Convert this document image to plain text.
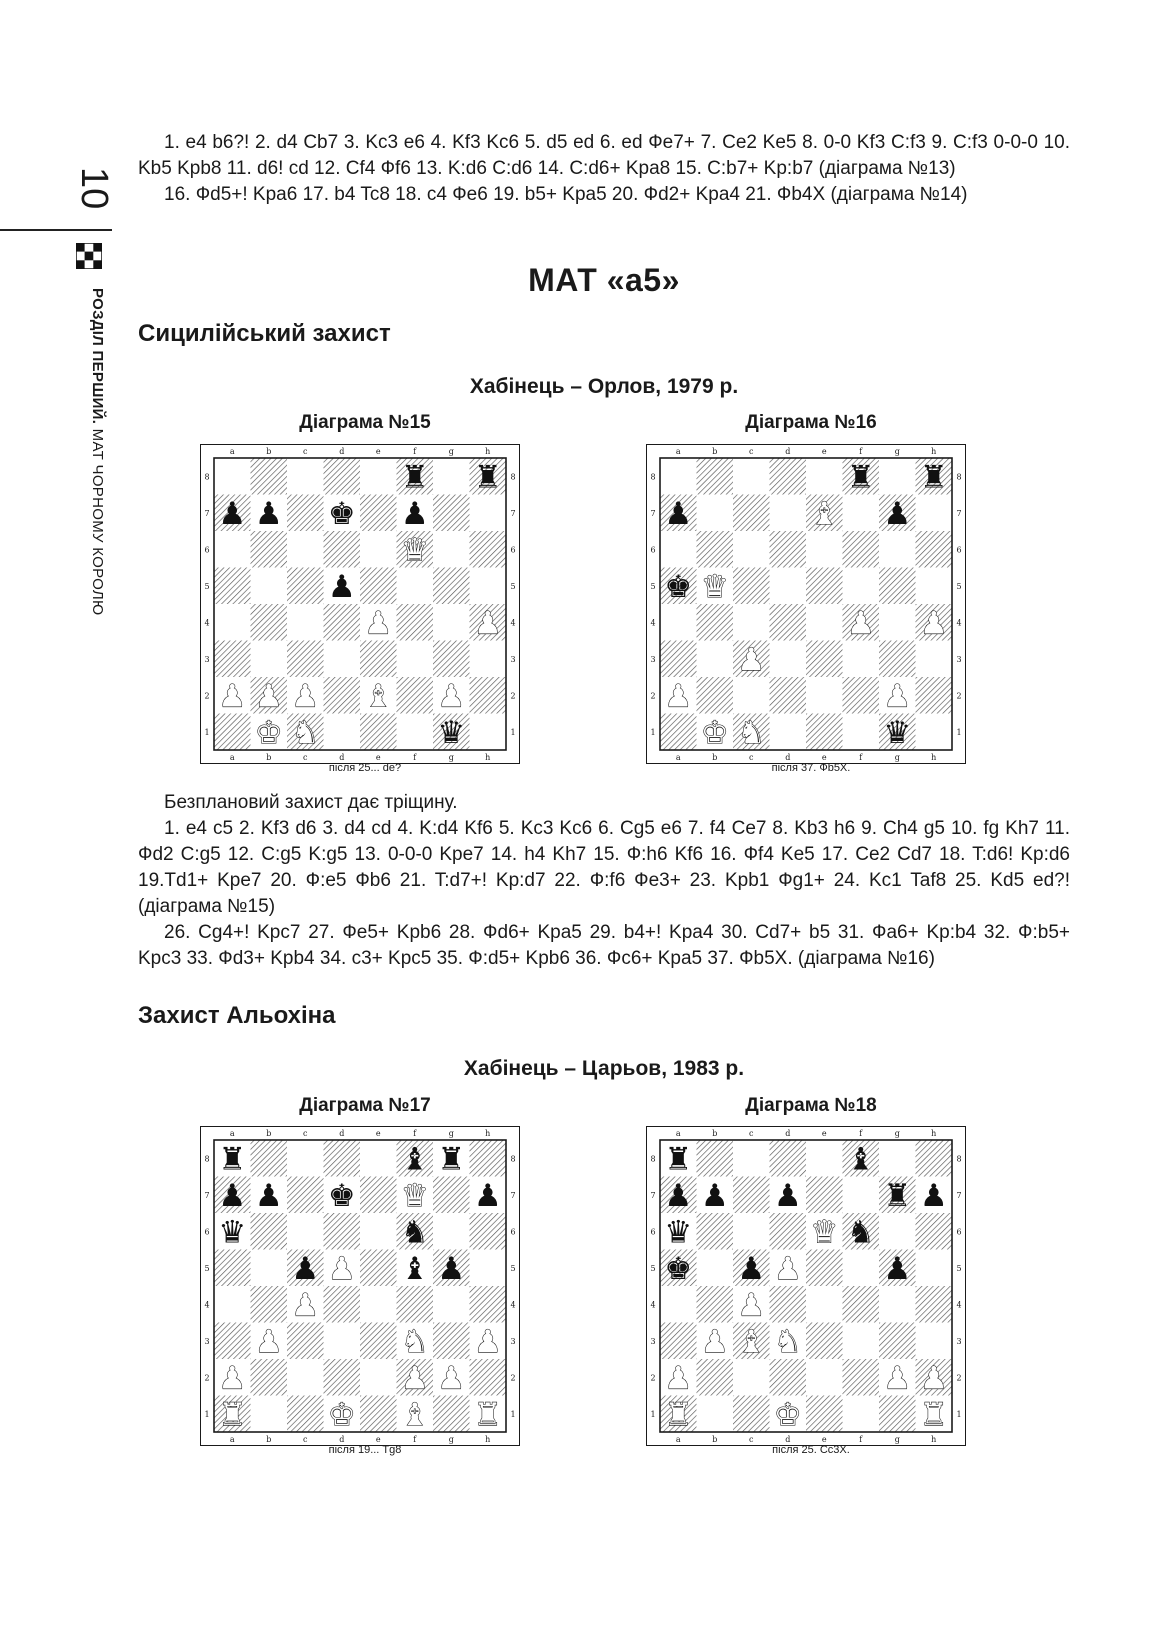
10
РОЗДІЛ ПЕРШИЙ. МАТ ЧОРНОМУ КОРОЛЮ

1. е4 b6?! 2. d4 Cb7 3. Kc3 e6 4. Kf3 Kc6 5. d5 ed 6. ed Фe7+ 7. Ce2 Ke5 8. 0-0 Kf3 C:f3 9. C:f3 0-0-0 10. Kb5 Kpb8 11. d6! cd 12. Cf4 Фf6 13. K:d6 C:d6 14. C:d6+ Kpa8 15. C:b7+ Kp:b7 (діаграма №13)

16. Фd5+! Kpa6 17. b4 Tc8 18. c4 Фe6 19. b5+ Kpa5 20. Фd2+ Kpa4 21. Фb4X (діаграма №14)

МАТ «а5»
Сицилійський захист
Хабінець – Орлов, 1979 р.
Діаграма №15	Діаграма №16
a
a
b
b
c
c
d
d
e
e
f
f
g
g
h
h
8	8
7	7
6	6
5	5
4	4
3	3
2	2
1	1
♜ ♜
♟ ♟ ♚ ♟
♛
♟
♟	♟
♟ ♟ ♟ ♝ ♟
♚ ♞	♛
a
a
b
b
c
c
d
d
e
e
f
f
g
g
h
h
8	8
7	7
6	6
5	5
4	4
3	3
2	2
1	1
♜ ♜
♟	♝ ♟
♚ ♛
♟ ♟
♟
♟	♟
♚ ♞	♛
після 25... de?	після 37. Фb5X.

Безплановий захист дає тріщину.

1. e4 c5 2. Kf3 d6 3. d4 cd 4. K:d4 Kf6 5. Kc3 Kc6 6. Cg5 e6 7. f4 Ce7 8. Kb3 h6 9. Ch4 g5 10. fg Kh7 11. Фd2 C:g5 12. C:g5 K:g5 13. 0-0-0 Kpe7 14. h4 Kh7 15. Ф:h6 Kf6 16. Фf4 Ke5 17. Ce2 Cd7 18. T:d6! Kp:d6 19.Td1+ Kpe7 20. Ф:e5 Фb6 21. T:d7+! Kp:d7 22. Ф:f6 Фe3+ 23. Kpb1 Фg1+ 24. Kc1 Taf8 25. Kd5 ed?! (діаграма №15)

26. Cg4+! Kpc7 27. Фe5+ Kpb6 28. Фd6+ Kpa5 29. b4+! Kpa4 30. Cd7+ b5 31. Фa6+ Kp:b4 32. Ф:b5+ Kpc3 33. Фd3+ Kpb4 34. c3+ Kpc5 35. Ф:d5+ Kpb6 36. Фc6+ Kpa5 37. Фb5X. (діаграма №16)

Захист Альохіна
Хабінець – Царьов, 1983 р.
Діаграма №17	Діаграма №18
a
a
b
b
c
c
d
d
e
e
f
f
g
g
h
h
8	8
7	7
6	6
5	5
4	4
3	3
2	2
1	1
♜	♝ ♜
♟ ♟ ♚ ♛ ♟
♛	♞
♟ ♟ ♝ ♟
♟
♟	♞ ♟
♟	♟ ♟
♜	♚ ♝ ♜
a
a
b
b
c
c
d
d
e
e
f
f
g
g
h
h
8	8
7	7
6	6
5	5
4	4
3	3
2	2
1	1
♜	♝
♟ ♟ ♟	♜ ♟
♛	♛ ♞
♚ ♟ ♟	♟
♟
♟ ♝ ♞
♟	♟ ♟
♜	♚	♜
після 19... Tg8	після 25. Cc3X.
